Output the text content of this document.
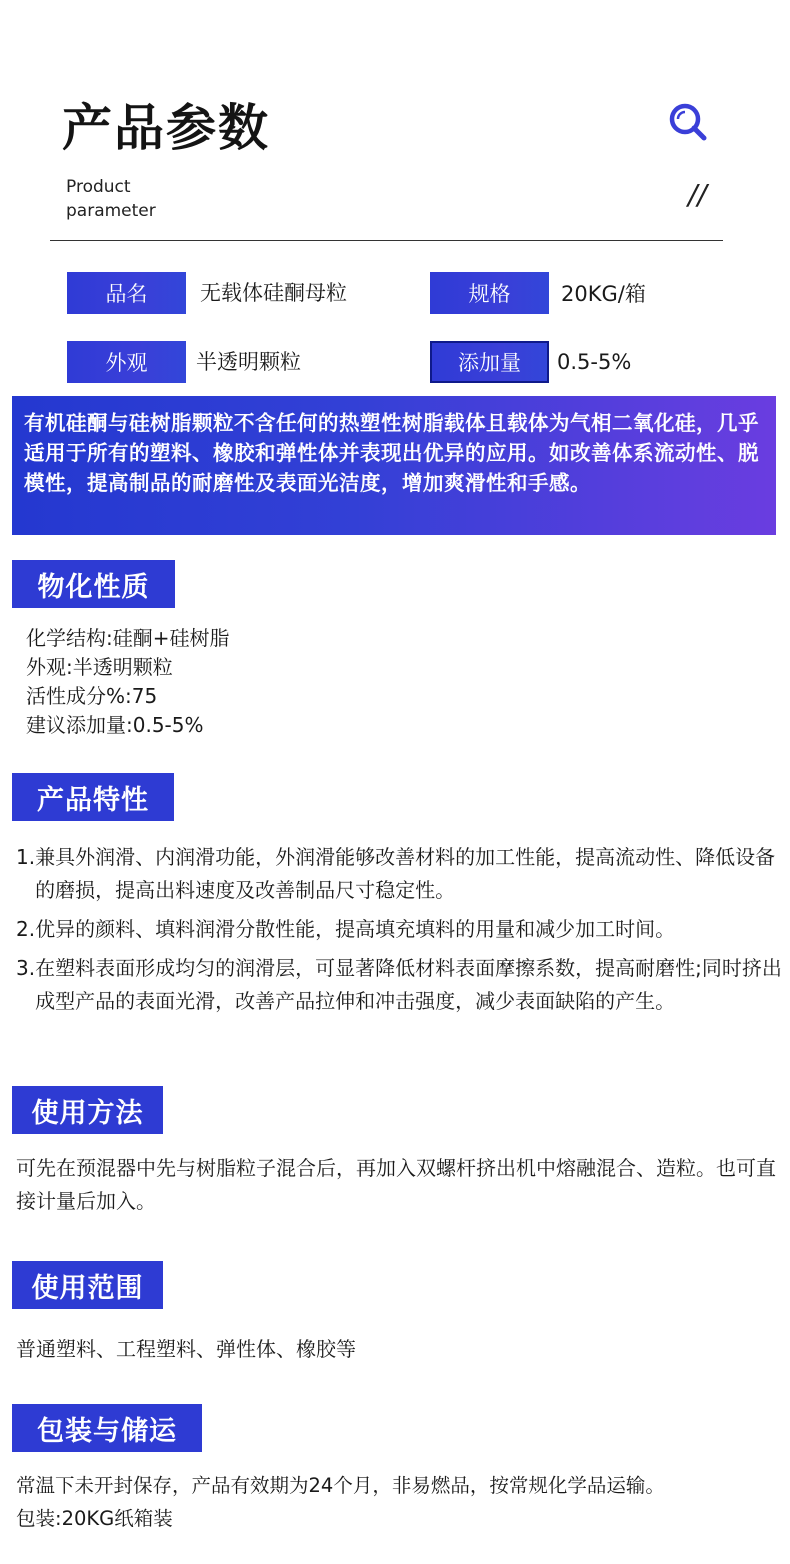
产品参数
Product
parameter	//
品名	无载体硅酮母粒	规格	20KG/箱
外观	半透明颗粒	添加量	0.5-5%
有机硅酮与硅树脂颗粒不含任何的热塑性树脂载体且载体为气相二氧化硅，几乎适用于所有的塑料、橡胶和弹性体并表现出优异的应用。如改善体系流动性、脱模性，提高制品的耐磨性及表面光洁度，增加爽滑性和手感。
物化性质
化学结构:硅酮+硅树脂
外观:半透明颗粒
活性成分%:75
建议添加量:0.5-5%
产品特性
1. 兼具外润滑、内润滑功能，外润滑能够改善材料的加工性能，提高流动性、降低设备的磨损，提高出料速度及改善制品尺寸稳定性。
2. 优异的颜料、填料润滑分散性能，提高填充填料的用量和减少加工时间。
3. 在塑料表面形成均匀的润滑层，可显著降低材料表面摩擦系数，提高耐磨性;同时挤出成型产品的表面光滑，改善产品拉伸和冲击强度，减少表面缺陷的产生。
使用方法
可先在预混器中先与树脂粒子混合后，再加入双螺杆挤出机中熔融混合、造粒。也可直接计量后加入。
使用范围
普通塑料、工程塑料、弹性体、橡胶等
包装与储运
常温下未开封保存，产品有效期为24个月，非易燃品，按常规化学品运输。
包装:20KG纸箱装
